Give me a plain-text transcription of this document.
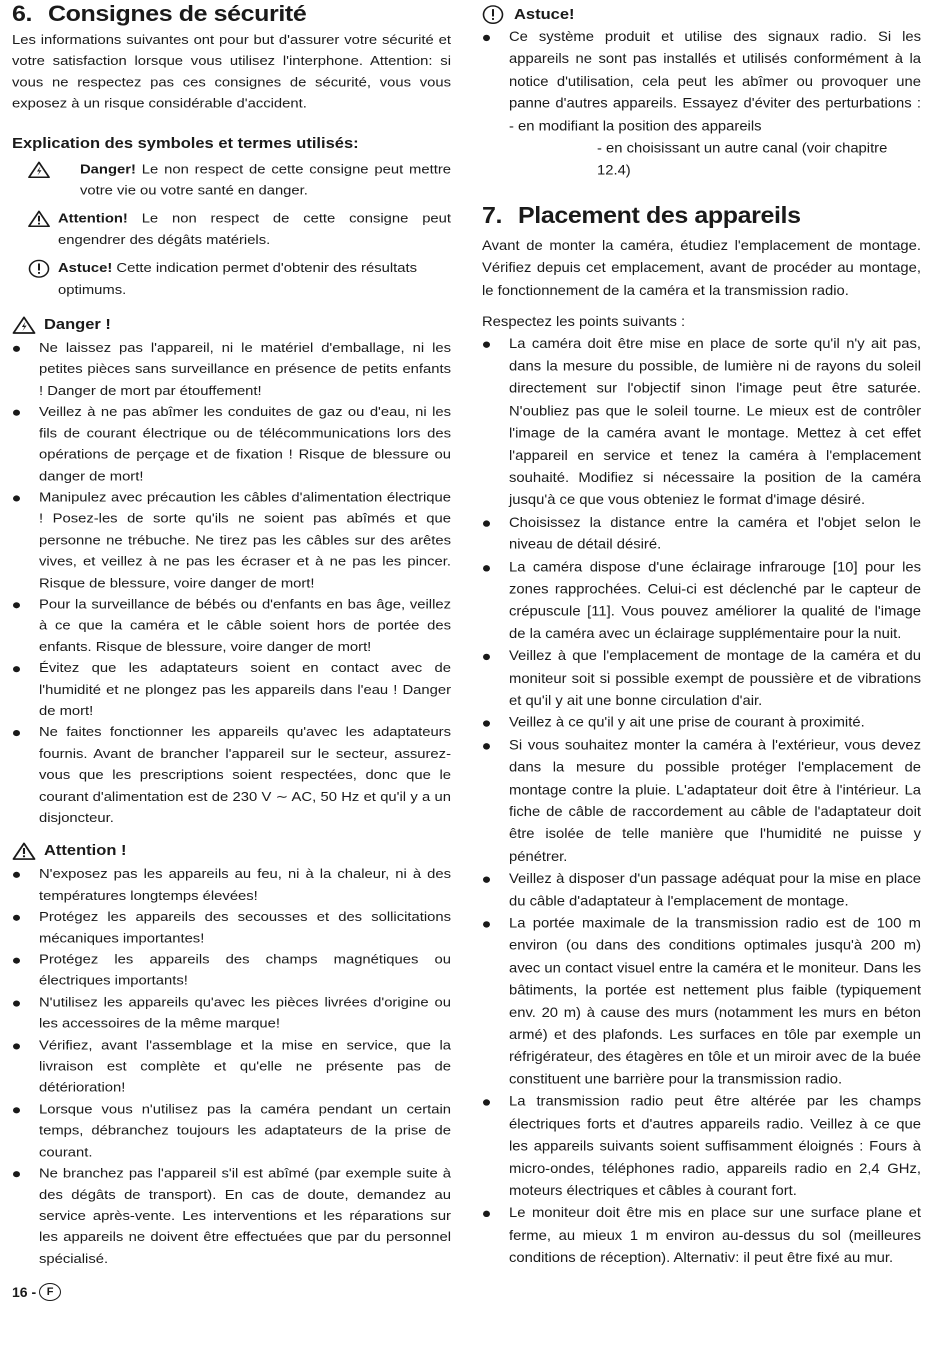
6. Consignes de sécurité

Les informations suivantes ont pour but d'assurer votre sécurité et votre satisfaction lorsque vous utilisez l'interphone. Attention: si vous ne respectez pas ces consignes de sécurité, vous vous exposez à un risque considérable d'accident.

Explication des symboles et termes utilisés:
Danger! Le non respect de cette consigne peut mettre votre vie ou votre santé en danger.
Attention! Le non respect de cette consigne peut engendrer des dégâts matériels.
Astuce! Cette indication permet d'obtenir des résultats optimums.
Danger !
Ne laissez pas l'appareil, ni le matériel d'emballage, ni les petites pièces sans surveillance en présence de petits enfants ! Danger de mort par étouffement!
Veillez à ne pas abîmer les conduites de gaz ou d'eau, ni les fils de courant électrique ou de télécommunications lors des opérations de perçage et de fixation ! Risque de blessure ou danger de mort!
Manipulez avec précaution les câbles d'alimentation électrique ! Posez-les de sorte qu'ils ne soient pas abîmés et que personne ne trébuche. Ne tirez pas les câbles sur des arêtes vives, et veillez à ne pas les écraser et à ne pas les pincer. Risque de blessure, voire danger de mort!
Pour la surveillance de bébés ou d'enfants en bas âge, veillez à ce que la caméra et le câble soient hors de portée des enfants. Risque de blessure, voire danger de mort!
Évitez que les adaptateurs soient en contact avec de l'humidité et ne plongez pas les appareils dans l'eau ! Danger de mort!
Ne faites fonctionner les appareils qu'avec les adaptateurs fournis. Avant de brancher l'appareil sur le secteur, assurez-vous que les prescriptions soient respectées, donc que le courant d'alimentation est de 230 V ∼ AC, 50 Hz et qu'il y a un disjoncteur.
Attention !
N'exposez pas les appareils au feu, ni à la chaleur, ni à des températures longtemps élevées!
Protégez les appareils des secousses et des sollicitations mécaniques importantes!
Protégez les appareils des champs magnétiques ou électriques importants!
N'utilisez les appareils qu'avec les pièces livrées d'origine ou les accessoires de la même marque!
Vérifiez, avant l'assemblage et la mise en service, que la livraison est complète et qu'elle ne présente pas de détérioration!
Lorsque vous n'utilisez pas la caméra pendant un certain temps, débranchez toujours les adaptateurs de la prise de courant.
Ne branchez pas l'appareil s'il est abîmé (par exemple suite à des dégâts de transport). En cas de doute, demandez au service après-vente. Les interventions et les réparations sur les appareils ne doivent être effectuées que par du personnel spécialisé.
Astuce!
Ce système produit et utilise des signaux radio. Si les appareils ne sont pas installés et utilisés conformément à la notice d'utilisation, cela peut les abîmer ou provoquer une panne d'autres appareils. Essayez d'éviter des perturbations : - en modifiant la position des appareils

- en choisissant un autre canal (voir chapitre 12.4)

7. Placement des appareils

Avant de monter la caméra, étudiez l'emplacement de montage. Vérifiez depuis cet emplacement, avant de procéder au montage, le fonctionnement de la caméra et la transmission radio.

Respectez les points suivants :

La caméra doit être mise en place de sorte qu'il n'y ait pas, dans la mesure du possible, de lumière ni de rayons du soleil directement sur l'objectif sinon l'image peut être saturée. N'oubliez pas que le soleil tourne. Le mieux est de contrôler l'image de la caméra avant le montage. Mettez à cet effet l'appareil en service et tenez la caméra à l'emplacement souhaité. Modifiez si nécessaire la position de la caméra jusqu'à ce que vous obteniez le format d'image désiré.
Choisissez la distance entre la caméra et l'objet selon le niveau de détail désiré.
La caméra dispose d'une éclairage infrarouge [10] pour les zones rapprochées. Celui-ci est déclenché par le capteur de crépuscule [11]. Vous pouvez améliorer la qualité de l'image de la caméra avec un éclairage supplémentaire pour la nuit.
Veillez à que l'emplacement de montage de la caméra et du moniteur soit si possible exempt de poussière et de vibrations et qu'il y ait une bonne circulation d'air.
Veillez à ce qu'il y ait une prise de courant à proximité.
Si vous souhaitez monter la caméra à l'extérieur, vous devez dans la mesure du possible protéger l'emplacement de montage contre la pluie. L'adaptateur doit être à l'intérieur. La fiche de câble de raccordement au câble de l'adaptateur doit être isolée de telle manière que l'humidité ne puisse y pénétrer.
Veillez à disposer d'un passage adéquat pour la mise en place du câble d'adaptateur à l'emplacement de montage.
La portée maximale de la transmission radio est de 100 m environ (ou dans des conditions optimales jusqu'à 200 m) avec un contact visuel entre la caméra et le moniteur. Dans les bâtiments, la portée est nettement plus faible (typiquement env. 20 m) à cause des murs (notamment les murs en béton armé) et des plafonds. Les surfaces en tôle par exemple un réfrigérateur, des étagères en tôle et un miroir avec de la buée constituent une barrière pour la transmission radio.
La transmission radio peut être altérée par les champs électriques forts et d'autres appareils radio. Veillez à ce que les appareils suivants soient suffisamment éloignés : Fours à micro-ondes, téléphones radio, appareils radio en 2,4 GHz, moteurs électriques et câbles à courant fort.
Le moniteur doit être mis en place sur une surface plane et ferme, au mieux 1 m environ au-dessus du sol (meilleures conditions de réception). Alternativ: il peut être fixé au mur.
16 - F
